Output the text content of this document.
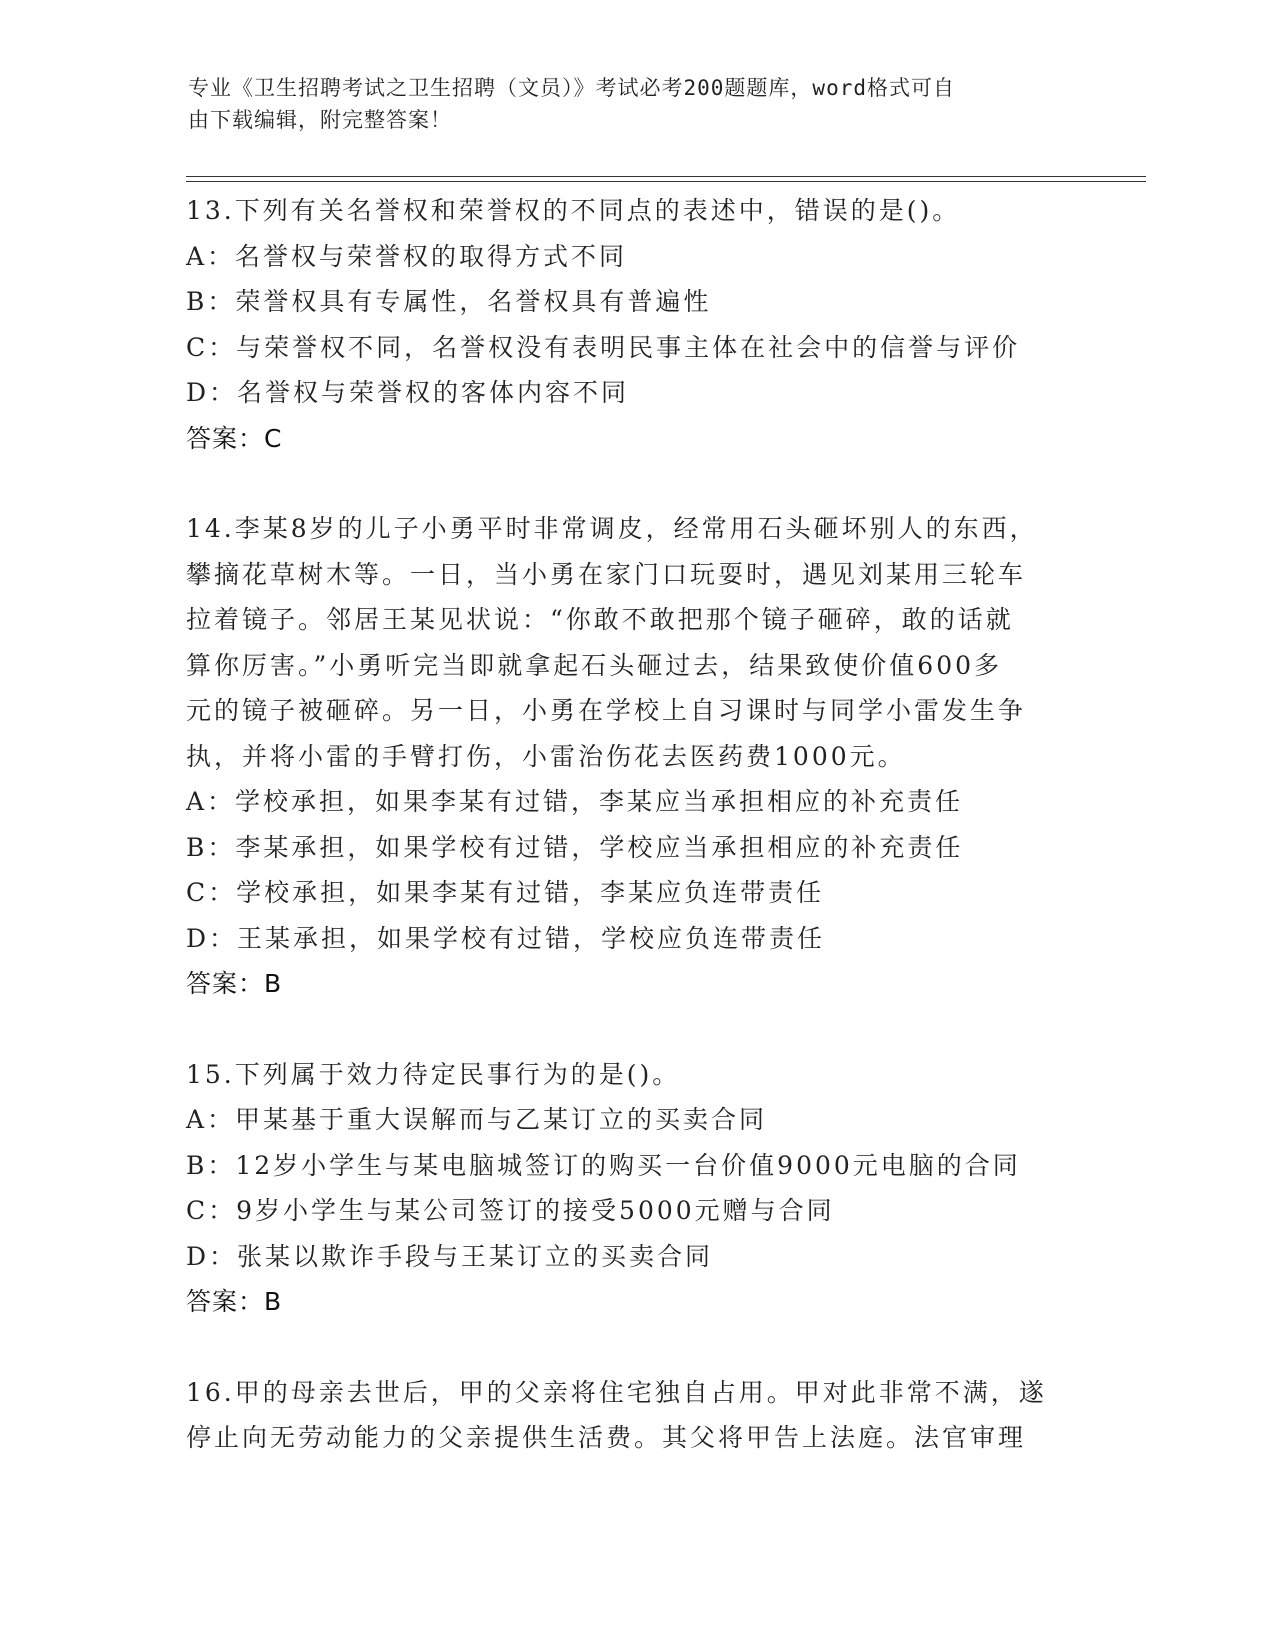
专业《卫生招聘考试之卫生招聘（文员）》考试必考200题题库，word格式可自
由下载编辑，附完整答案！
13.下列有关名誉权和荣誉权的不同点的表述中，错误的是()。
A：名誉权与荣誉权的取得方式不同
B：荣誉权具有专属性，名誉权具有普遍性
C：与荣誉权不同，名誉权没有表明民事主体在社会中的信誉与评价
D：名誉权与荣誉权的客体内容不同
答案：C
14.李某8岁的儿子小勇平时非常调皮，经常用石头砸坏别人的东西，
攀摘花草树木等。一日，当小勇在家门口玩耍时，遇见刘某用三轮车
拉着镜子。邻居王某见状说：“你敢不敢把那个镜子砸碎，敢的话就
算你厉害。”小勇听完当即就拿起石头砸过去，结果致使价值600多
元的镜子被砸碎。另一日，小勇在学校上自习课时与同学小雷发生争
执，并将小雷的手臂打伤，小雷治伤花去医药费1000元。
A：学校承担，如果李某有过错，李某应当承担相应的补充责任
B：李某承担，如果学校有过错，学校应当承担相应的补充责任
C：学校承担，如果李某有过错，李某应负连带责任
D：王某承担，如果学校有过错，学校应负连带责任
答案：B
15.下列属于效力待定民事行为的是()。
A：甲某基于重大误解而与乙某订立的买卖合同
B：12岁小学生与某电脑城签订的购买一台价值9000元电脑的合同
C：9岁小学生与某公司签订的接受5000元赠与合同
D：张某以欺诈手段与王某订立的买卖合同
答案：B
16.甲的母亲去世后，甲的父亲将住宅独自占用。甲对此非常不满，遂
停止向无劳动能力的父亲提供生活费。其父将甲告上法庭。法官审理
